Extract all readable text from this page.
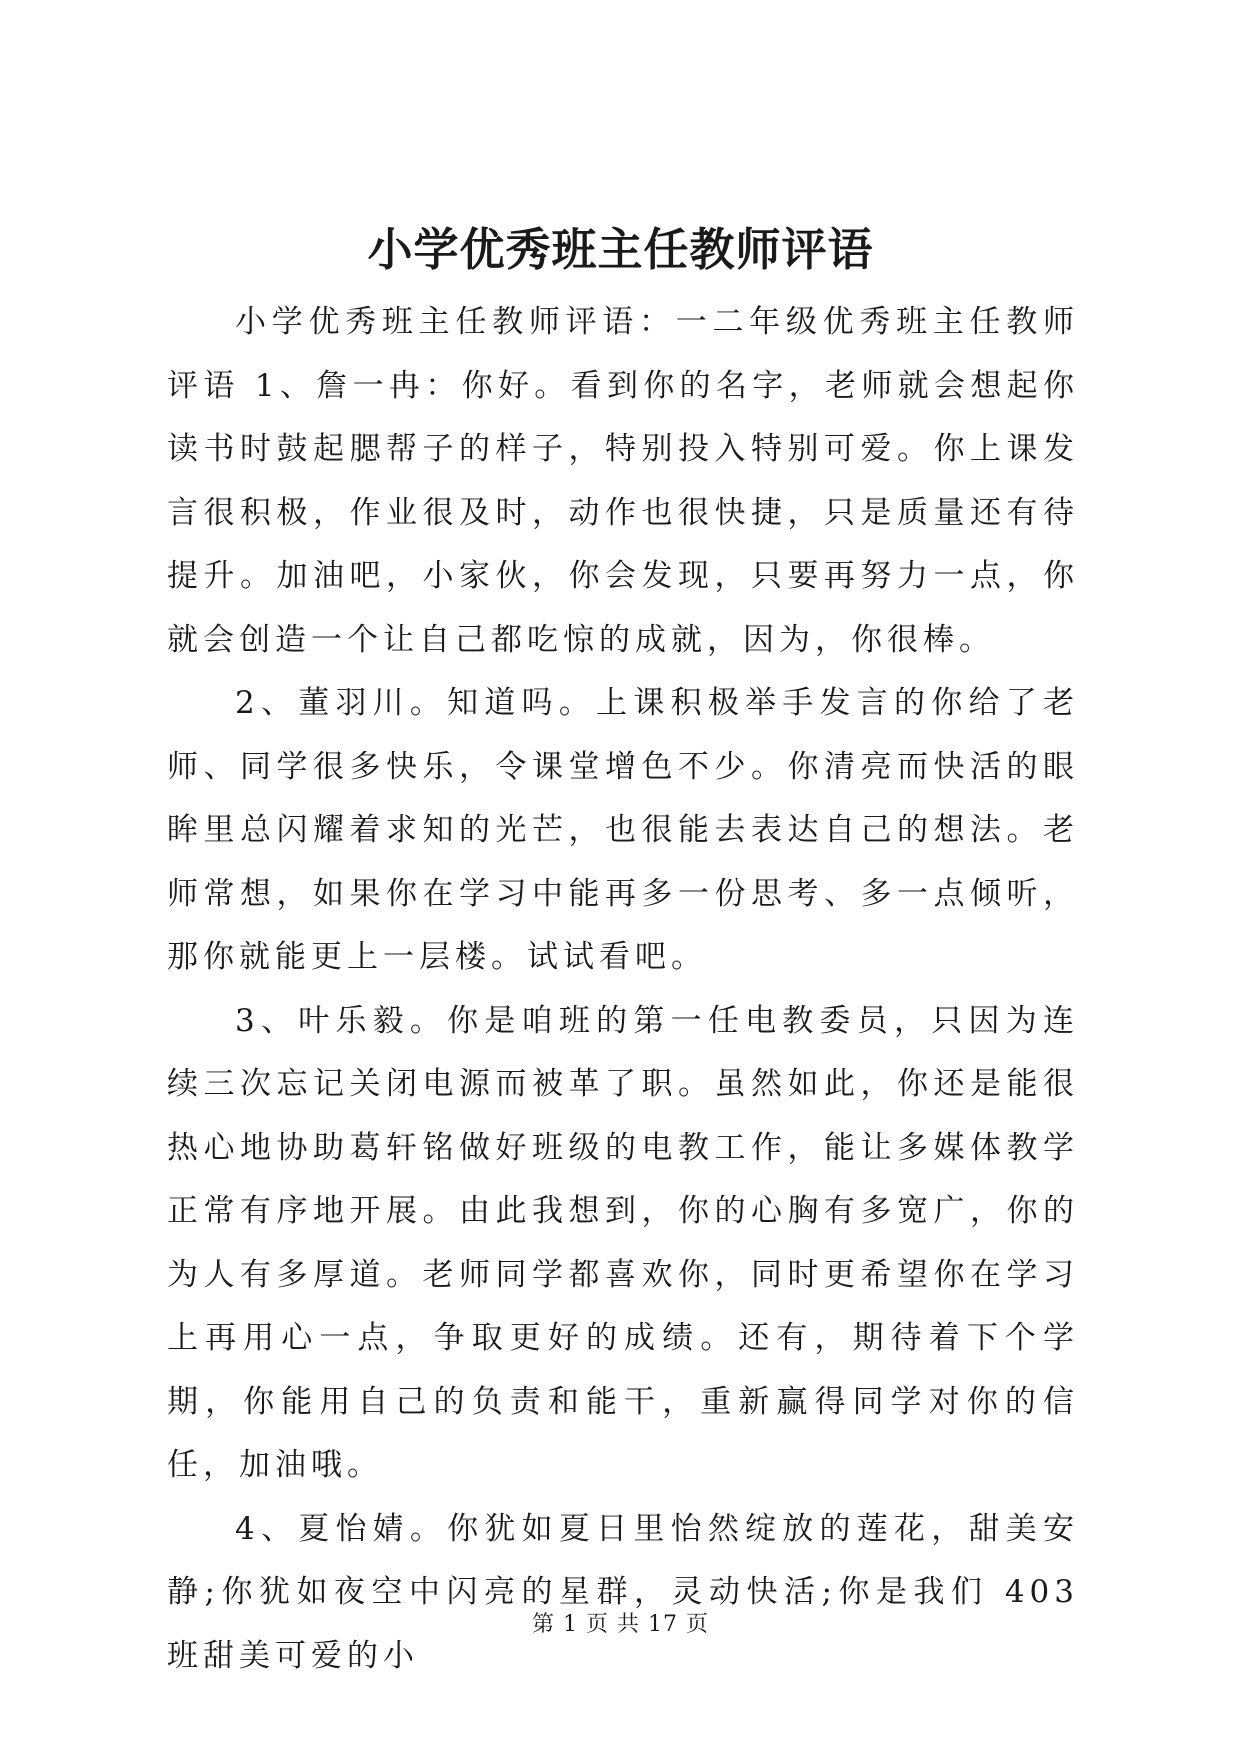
小学优秀班主任教师评语

小学优秀班主任教师评语：一二年级优秀班主任教师评语 1、詹一冉：你好。看到你的名字，老师就会想起你读书时鼓起腮帮子的样子，特别投入特别可爱。你上课发言很积极，作业很及时，动作也很快捷，只是质量还有待提升。加油吧，小家伙，你会发现，只要再努力一点，你就会创造一个让自己都吃惊的成就，因为，你很棒。

2、董羽川。知道吗。上课积极举手发言的你给了老师、同学很多快乐，令课堂增色不少。你清亮而快活的眼眸里总闪耀着求知的光芒，也很能去表达自己的想法。老师常想，如果你在学习中能再多一份思考、多一点倾听，那你就能更上一层楼。试试看吧。

3、叶乐毅。你是咱班的第一任电教委员，只因为连续三次忘记关闭电源而被革了职。虽然如此，你还是能很热心地协助葛轩铭做好班级的电教工作，能让多媒体教学正常有序地开展。由此我想到，你的心胸有多宽广，你的为人有多厚道。老师同学都喜欢你，同时更希望你在学习上再用心一点，争取更好的成绩。还有，期待着下个学期，你能用自己的负责和能干，重新赢得同学对你的信任，加油哦。

4、夏怡婧。你犹如夏日里怡然绽放的莲花，甜美安静;你犹如夜空中闪亮的星群，灵动快活;你是我们 403 班甜美可爱的小

第 1 页 共 17 页
